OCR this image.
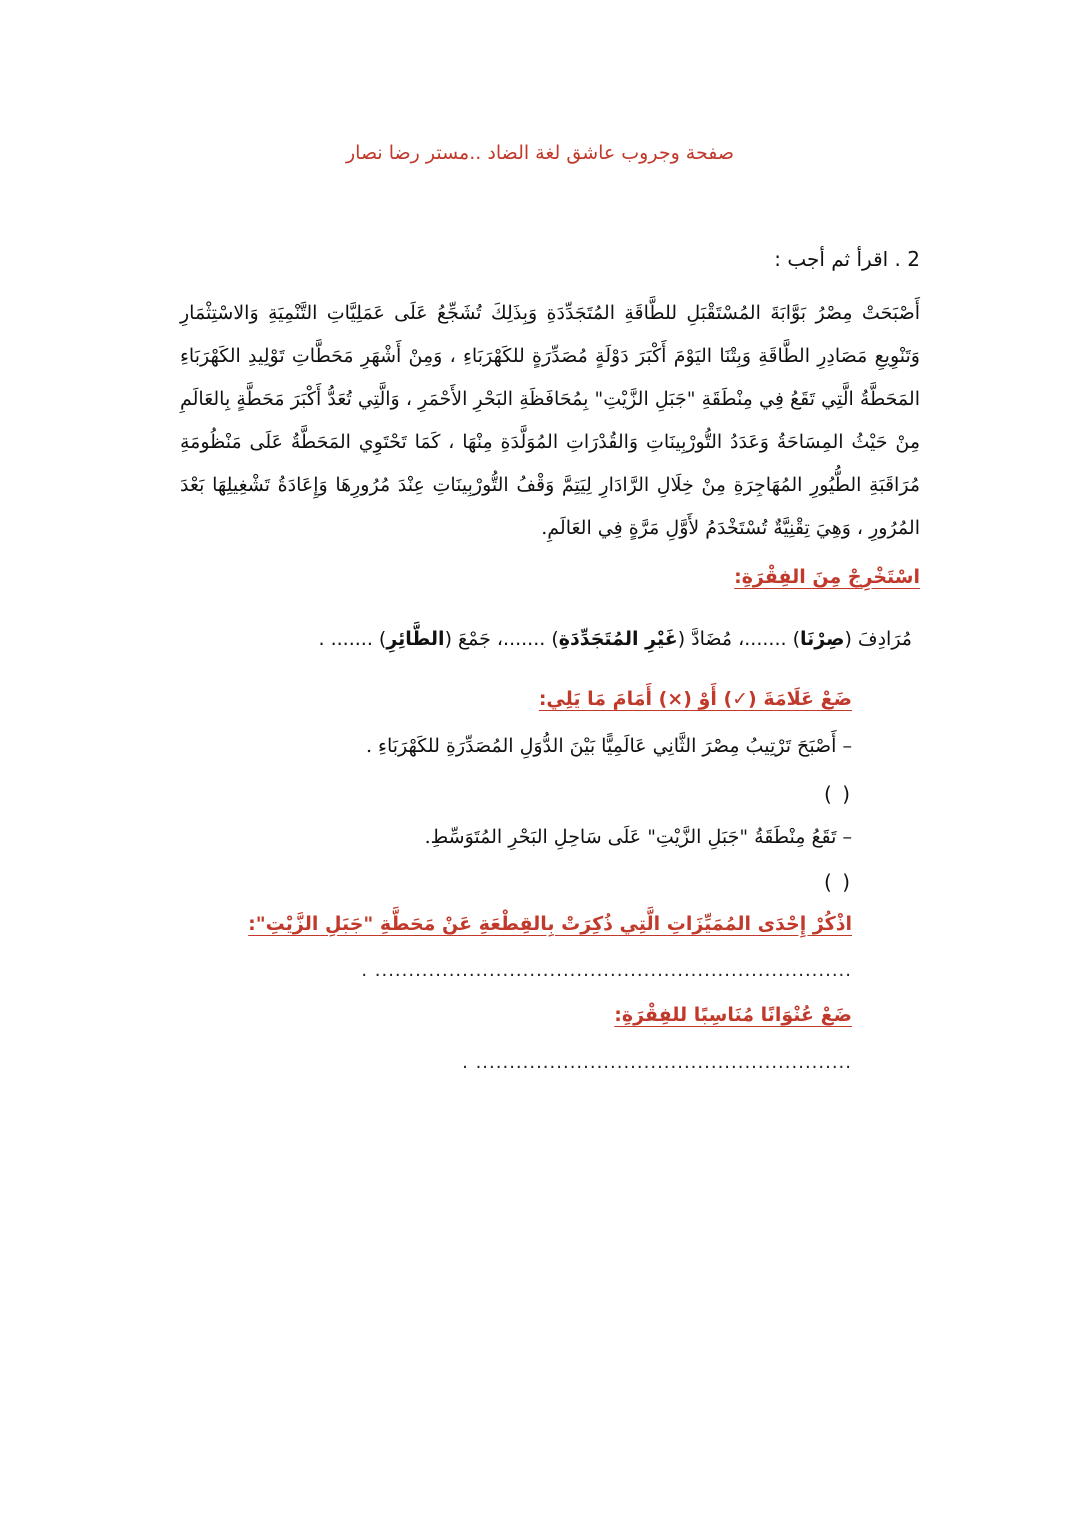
صفحة وجروب عاشق لغة الضاد ..مستر رضا نصار
2 . اقرأ ثم أجب :
أَصْبَحَتْ مِصْرُ بَوَّابَةَ المُسْتَقْبَلِ للطَّاقَةِ المُتَجَدِّدَةِ وَبِذَلِكَ تُشَجِّعُ عَلَى عَمَلِيَّاتِ التَّنْمِيَةِ وَالاسْتِثْمَارِ وَتَنْوِيعِ مَصَادِرِ الطَّاقَةِ وَبِتْنَا اليَوْمَ أَكْبَرَ دَوْلَةٍ مُصَدِّرَةٍ للكَهْرَبَاءِ ، وَمِنْ أَشْهَرِ مَحَطَّاتِ تَوْلِيدِ الكَهْرَبَاءِ المَحَطَّةُ الَّتِي تَقَعُ فِي مِنْطَقَةِ "جَبَلِ الزَّيْتِ" بِمُحَافَظَةِ البَحْرِ الأَحْمَرِ ، وَالَّتِي تُعَدُّ أَكْبَرَ مَحَطَّةٍ بِالعَالَمِ مِنْ حَيْثُ المِسَاحَةُ وَعَدَدُ التُّورْبِينَاتِ وَالقُدْرَاتِ المُوَلَّدَةِ مِنْهَا ، كَمَا تَحْتَوِي المَحَطَّةُ عَلَى مَنْظُومَةِ مُرَاقَبَةِ الطُّيُورِ المُهَاجِرَةِ مِنْ خِلَالِ الرَّادَارِ لِيَتِمَّ وَقْفُ التُّورْبِينَاتِ عِنْدَ مُرُورِهَا وَإِعَادَةُ تَشْغِيلِهَا بَعْدَ المُرُورِ ، وَهِيَ تِقْنِيَّةٌ تُسْتَخْدَمُ لأَوَّلِ مَرَّةٍ فِي العَالَمِ.
اسْتَخْرِجْ مِنَ الفِقْرَةِ:
مُرَادِفَ (صِرْنَا) .......، مُضَادَّ (غَيْرِ المُتَجَدِّدَةِ) .......، جَمْعَ (الطَّائِرِ) ....... .
ضَعْ عَلَامَةَ (✓) أَوْ (×) أَمَامَ مَا يَلِي:
– أَصْبَحَ تَرْتِيبُ مِصْرَ الثَّانِي عَالَمِيًّا بَيْنَ الدُّوَلِ المُصَدِّرَةِ للكَهْرَبَاءِ .
( )
– تَقَعُ مِنْطَقَةُ "جَبَلِ الزَّيْتِ" عَلَى سَاحِلِ البَحْرِ المُتَوَسِّطِ.
( )
اذْكُرْ إِحْدَى المُمَيِّزَاتِ الَّتِي ذُكِرَتْ بِالقِطْعَةِ عَنْ مَحَطَّةِ "جَبَلِ الزَّيْتِ":
....................................................................... .
ضَعْ عُنْوَانًا مُنَاسِبًا للفِقْرَةِ:
........................................................ .
